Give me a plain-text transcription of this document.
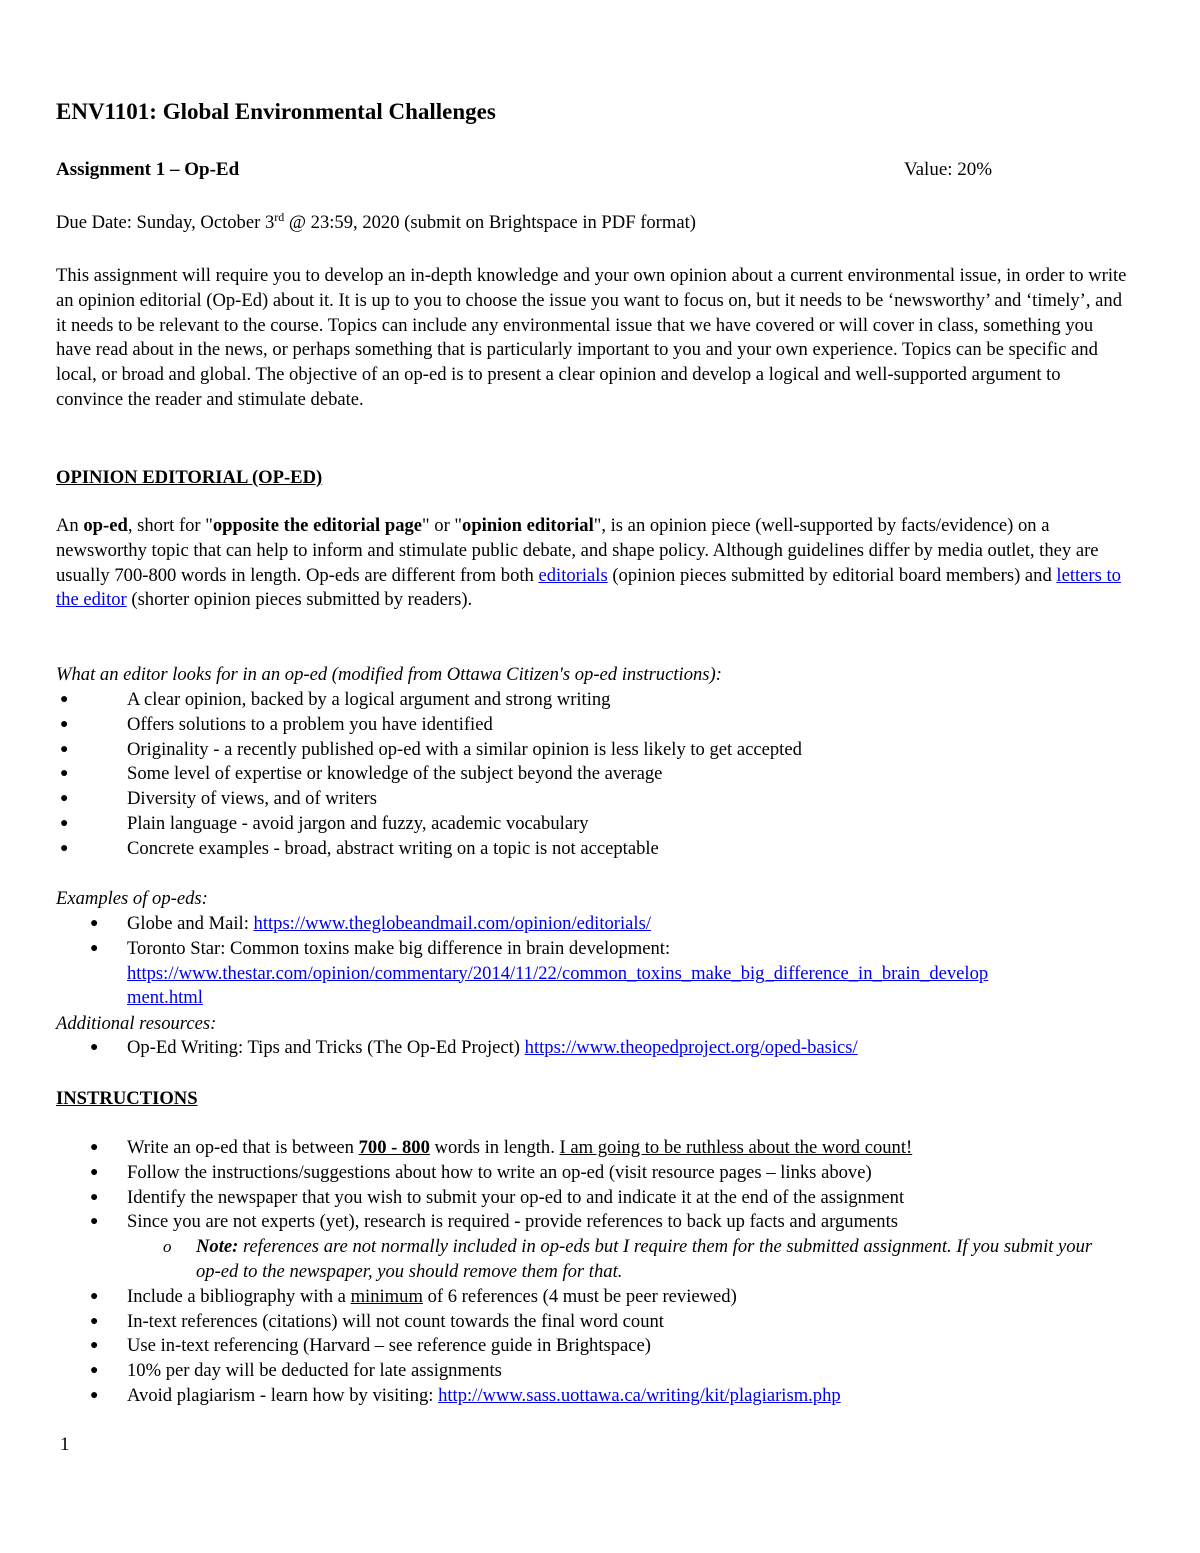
ENV1101: Global Environmental Challenges
Assignment 1 – Op-Ed	Value: 20%
Due Date: Sunday, October 3rd @ 23:59, 2020 (submit on Brightspace in PDF format)
This assignment will require you to develop an in-depth knowledge and your own opinion about a current environmental issue, in order to write an opinion editorial (Op-Ed) about it. It is up to you to choose the issue you want to focus on, but it needs to be ‘newsworthy’ and ‘timely’, and it needs to be relevant to the course. Topics can include any environmental issue that we have covered or will cover in class, something you have read about in the news, or perhaps something that is particularly important to you and your own experience. Topics can be specific and local, or broad and global. The objective of an op-ed is to present a clear opinion and develop a logical and well-supported argument to convince the reader and stimulate debate.
OPINION EDITORIAL (OP-ED)
An op-ed, short for "opposite the editorial page" or "opinion editorial", is an opinion piece (well-supported by facts/evidence) on a newsworthy topic that can help to inform and stimulate public debate, and shape policy. Although guidelines differ by media outlet, they are usually 700-800 words in length. Op-eds are different from both editorials (opinion pieces submitted by editorial board members) and letters to the editor (shorter opinion pieces submitted by readers).
What an editor looks for in an op-ed (modified from Ottawa Citizen's op-ed instructions):
●	A clear opinion, backed by a logical argument and strong writing
●	Offers solutions to a problem you have identified
●	Originality - a recently published op-ed with a similar opinion is less likely to get accepted
●	Some level of expertise or knowledge of the subject beyond the average
●	Diversity of views, and of writers
●	Plain language - avoid jargon and fuzzy, academic vocabulary
●	Concrete examples - broad, abstract writing on a topic is not acceptable
Examples of op-eds:
● Globe and Mail: https://www.theglobeandmail.com/opinion/editorials/
● Toronto Star: Common toxins make big difference in brain development:
https://www.thestar.com/opinion/commentary/2014/11/22/common_toxins_make_big_difference_in_brain_develop
ment.html
Additional resources:
● Op-Ed Writing: Tips and Tricks (The Op-Ed Project) https://www.theopedproject.org/oped-basics/
INSTRUCTIONS
● Write an op-ed that is between 700 - 800 words in length. I am going to be ruthless about the word count!
● Follow the instructions/suggestions about how to write an op-ed (visit resource pages – links above)
● Identify the newspaper that you wish to submit your op-ed to and indicate it at the end of the assignment
● Since you are not experts (yet), research is required - provide references to back up facts and arguments
o Note: references are not normally included in op-eds but I require them for the submitted assignment. If you submit your op-ed to the newspaper, you should remove them for that.
● Include a bibliography with a minimum of 6 references (4 must be peer reviewed)
● In-text references (citations) will not count towards the final word count
● Use in-text referencing (Harvard – see reference guide in Brightspace)
● 10% per day will be deducted for late assignments
● Avoid plagiarism - learn how by visiting: http://www.sass.uottawa.ca/writing/kit/plagiarism.php
1
